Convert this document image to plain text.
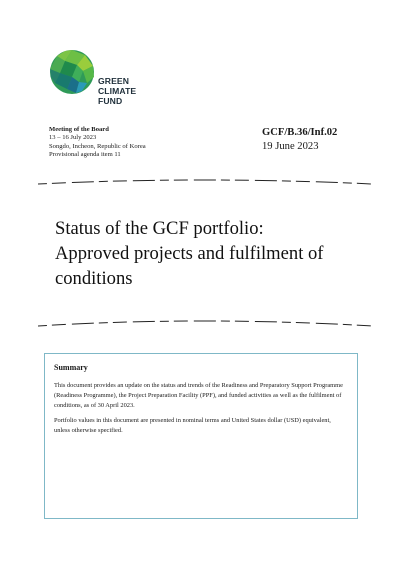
GREEN
CLIMATE
FUND
Meeting of the Board
13 – 16 July 2023
Songdo, Incheon, Republic of Korea
Provisional agenda item 11
GCF/B.36/Inf.02
19 June 2023
Status of the GCF portfolio:
Approved projects and fulfilment of
conditions
Summary

This document provides an update on the status and trends of the Readiness and Preparatory Support Programme (Readiness Programme), the Project Preparation Facility (PPF), and funded activities as well as the fulfilment of conditions, as of 30 April 2023.

Portfolio values in this document are presented in nominal terms and United States dollar (USD) equivalent, unless otherwise specified.
